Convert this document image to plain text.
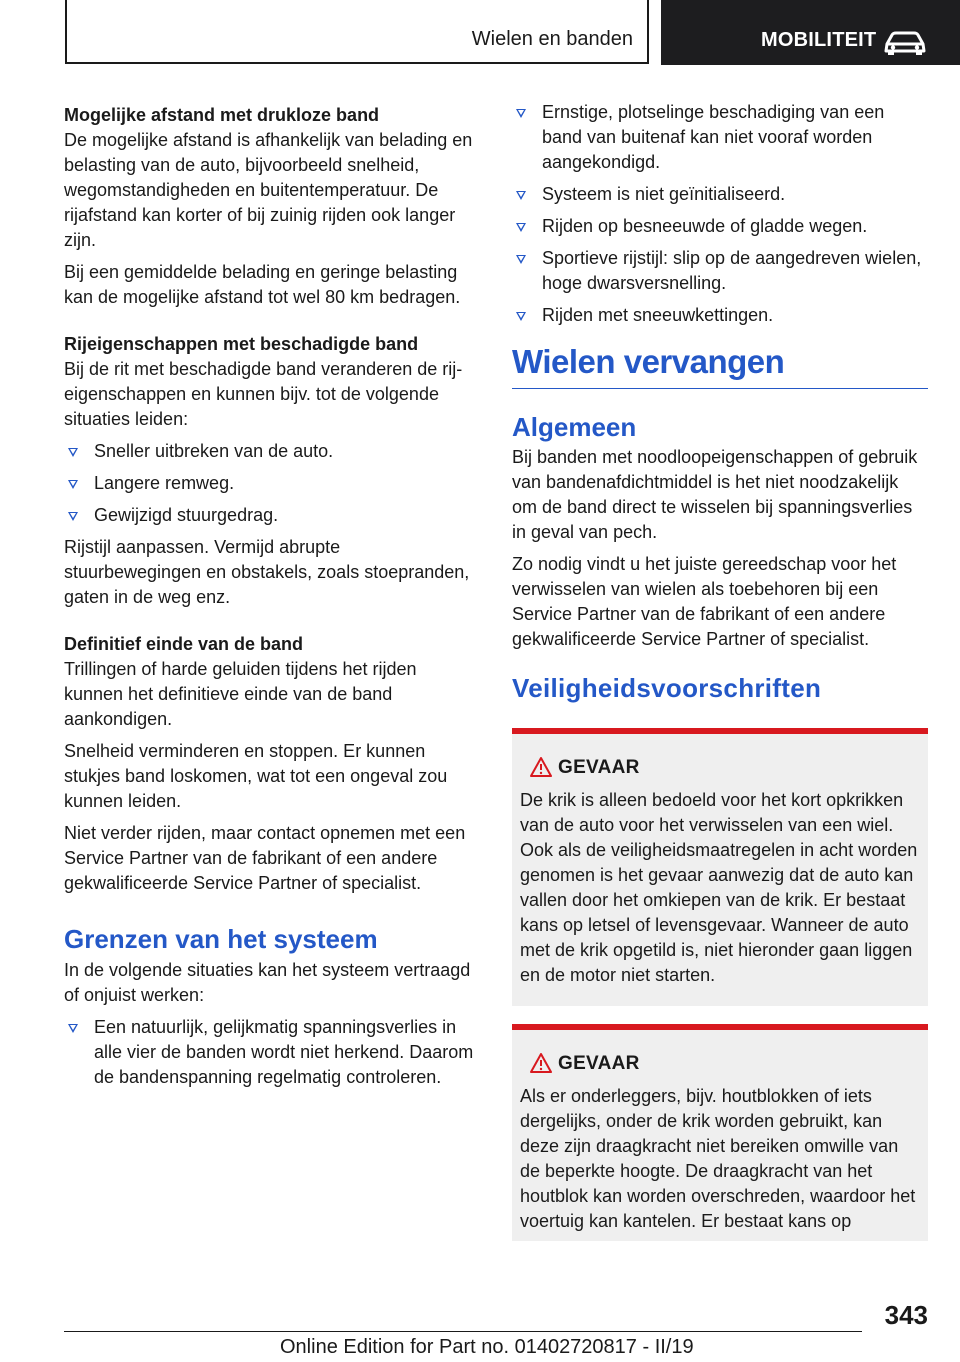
Wielen en banden	MOBILITEIT
Mogelijke afstand met drukloze band

De mogelijke afstand is afhankelijk van belading en belasting van de auto, bijvoorbeeld snelheid, wegomstandigheden en buitentemperatuur. De rijafstand kan korter of bij zuinig rijden ook langer zijn.

Bij een gemiddelde belading en geringe belasting kan de mogelijke afstand tot wel 80 km bedragen.

Rijeigenschappen met beschadigde band

Bij de rit met beschadigde band veranderen de rij-eigenschappen en kunnen bijv. tot de volgende situaties leiden:

Sneller uitbreken van de auto.
Langere remweg.
Gewijzigd stuurgedrag.

Rijstijl aanpassen. Vermijd abrupte stuurbewegingen en obstakels, zoals stoepranden, gaten in de weg enz.

Definitief einde van de band

Trillingen of harde geluiden tijdens het rijden kunnen het definitieve einde van de band aankondigen.

Snelheid verminderen en stoppen. Er kunnen stukjes band loskomen, wat tot een ongeval zou kunnen leiden.

Niet verder rijden, maar contact opnemen met een Service Partner van de fabrikant of een andere gekwalificeerde Service Partner of specialist.

Grenzen van het systeem

In de volgende situaties kan het systeem vertraagd of onjuist werken:

Een natuurlijk, gelijkmatig spanningsverlies in alle vier de banden wordt niet herkend. Daarom de bandenspanning regelmatig controleren.
Ernstige, plotselinge beschadiging van een band van buitenaf kan niet vooraf worden aangekondigd.
Systeem is niet geïnitialiseerd.
Rijden op besneeuwde of gladde wegen.
Sportieve rijstijl: slip op de aangedreven wielen, hoge dwarsversnelling.
Rijden met sneeuwkettingen.
Wielen vervangen
Algemeen

Bij banden met noodloopeigenschappen of gebruik van bandenafdichtmiddel is het niet noodzakelijk om de band direct te wisselen bij spanningsverlies in geval van pech.

Zo nodig vindt u het juiste gereedschap voor het verwisselen van wielen als toebehoren bij een Service Partner van de fabrikant of een andere gekwalificeerde Service Partner of specialist.

Veiligheidsvoorschriften
GEVAAR

De krik is alleen bedoeld voor het kort opkrikken van de auto voor het verwisselen van een wiel. Ook als de veiligheidsmaatregelen in acht worden genomen is het gevaar aanwezig dat de auto kan vallen door het omkiepen van de krik. Er bestaat kans op letsel of levensgevaar. Wanneer de auto met de krik opgetild is, niet hieronder gaan liggen en de motor niet starten.

GEVAAR

Als er onderleggers, bijv. houtblokken of iets dergelijks, onder de krik worden gebruikt, kan deze zijn draagkracht niet bereiken omwille van de beperkte hoogte. De draagkracht van het houtblok kan worden overschreden, waardoor het voertuig kan kantelen. Er bestaat kans op

343
Online Edition for Part no. 01402720817 - II/19
